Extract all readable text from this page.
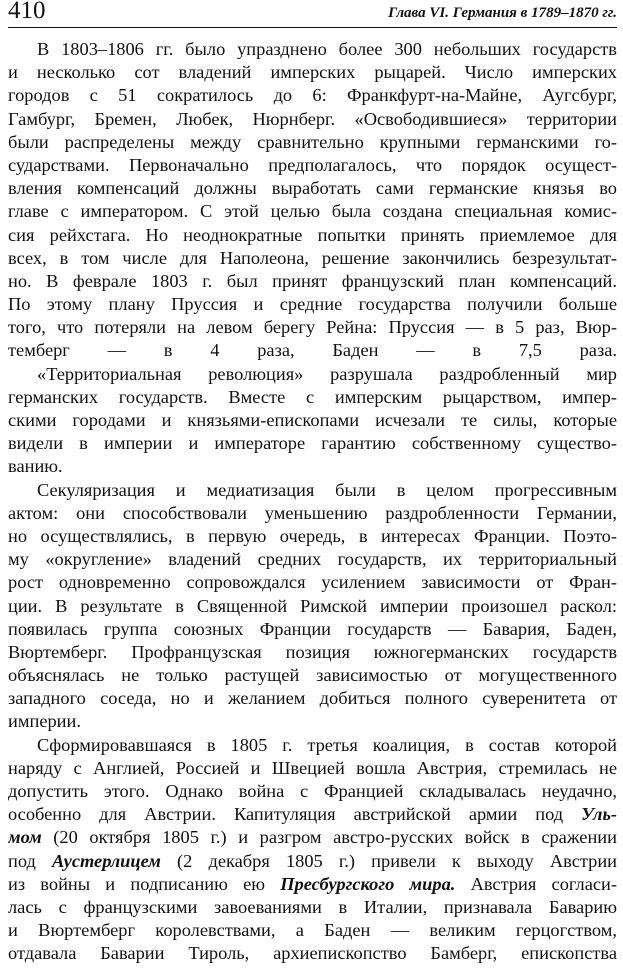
410	Глава VI. Германия в 1789–1870 гг.
В 1803–1806 гг. было упразднено более 300 небольших государств
и несколько сот владений имперских рыцарей. Число имперских
городов с 51 сократилось до 6: Франкфурт-на-Майне, Аугсбург,
Гамбург, Бремен, Любек, Нюрнберг. «Освободившиеся» территории
были распределены между сравнительно крупными германскими го-
сударствами. Первоначально предполагалось, что порядок осущест-
вления компенсаций должны выработать сами германские князья во
главе с императором. С этой целью была создана специальная комис-
сия рейхстага. Но неоднократные попытки принять приемлемое для
всех, в том числе для Наполеона, решение закончились безрезультат-
но. В феврале 1803 г. был принят французский план компенсаций.
По этому плану Пруссия и средние государства получили больше
того, что потеряли на левом берегу Рейна: Пруссия — в 5 раз, Вюр-
темберг — в 4 раза, Баден — в 7,5 раза.
«Территориальная революция» разрушала раздробленный мир
германских государств. Вместе с имперским рыцарством, импер-
скими городами и князьями-епископами исчезали те силы, которые
видели в империи и императоре гарантию собственному существо-
ванию.
Секуляризация и медиатизация были в целом прогрессивным
актом: они способствовали уменьшению раздробленности Германии,
но осуществлялись, в первую очередь, в интересах Франции. Поэто-
му «округление» владений средних государств, их территориальный
рост одновременно сопровождался усилением зависимости от Фран-
ции. В результате в Священной Римской империи произошел раскол:
появилась группа союзных Франции государств — Бавария, Баден,
Вюртемберг. Профранцузская позиция южногерманских государств
объяснялась не только растущей зависимостью от могущественного
западного соседа, но и желанием добиться полного суверенитета от
империи.
Сформировавшаяся в 1805 г. третья коалиция, в состав которой
наряду с Англией, Россией и Швецией вошла Австрия, стремилась не
допустить этого. Однако война с Францией складывалась неудачно,
особенно для Австрии. Капитуляция австрийской армии под Уль-
мом (20 октября 1805 г.) и разгром австро-русских войск в сражении
под Аустерлицем (2 декабря 1805 г.) привели к выходу Австрии
из войны и подписанию ею Пресбургского мира. Австрия согласи-
лась с французскими завоеваниями в Италии, признавала Баварию
и Вюртемберг королевствами, а Баден — великим герцогством,
отдавала Баварии Тироль, архиепископство Бамберг, епископства
